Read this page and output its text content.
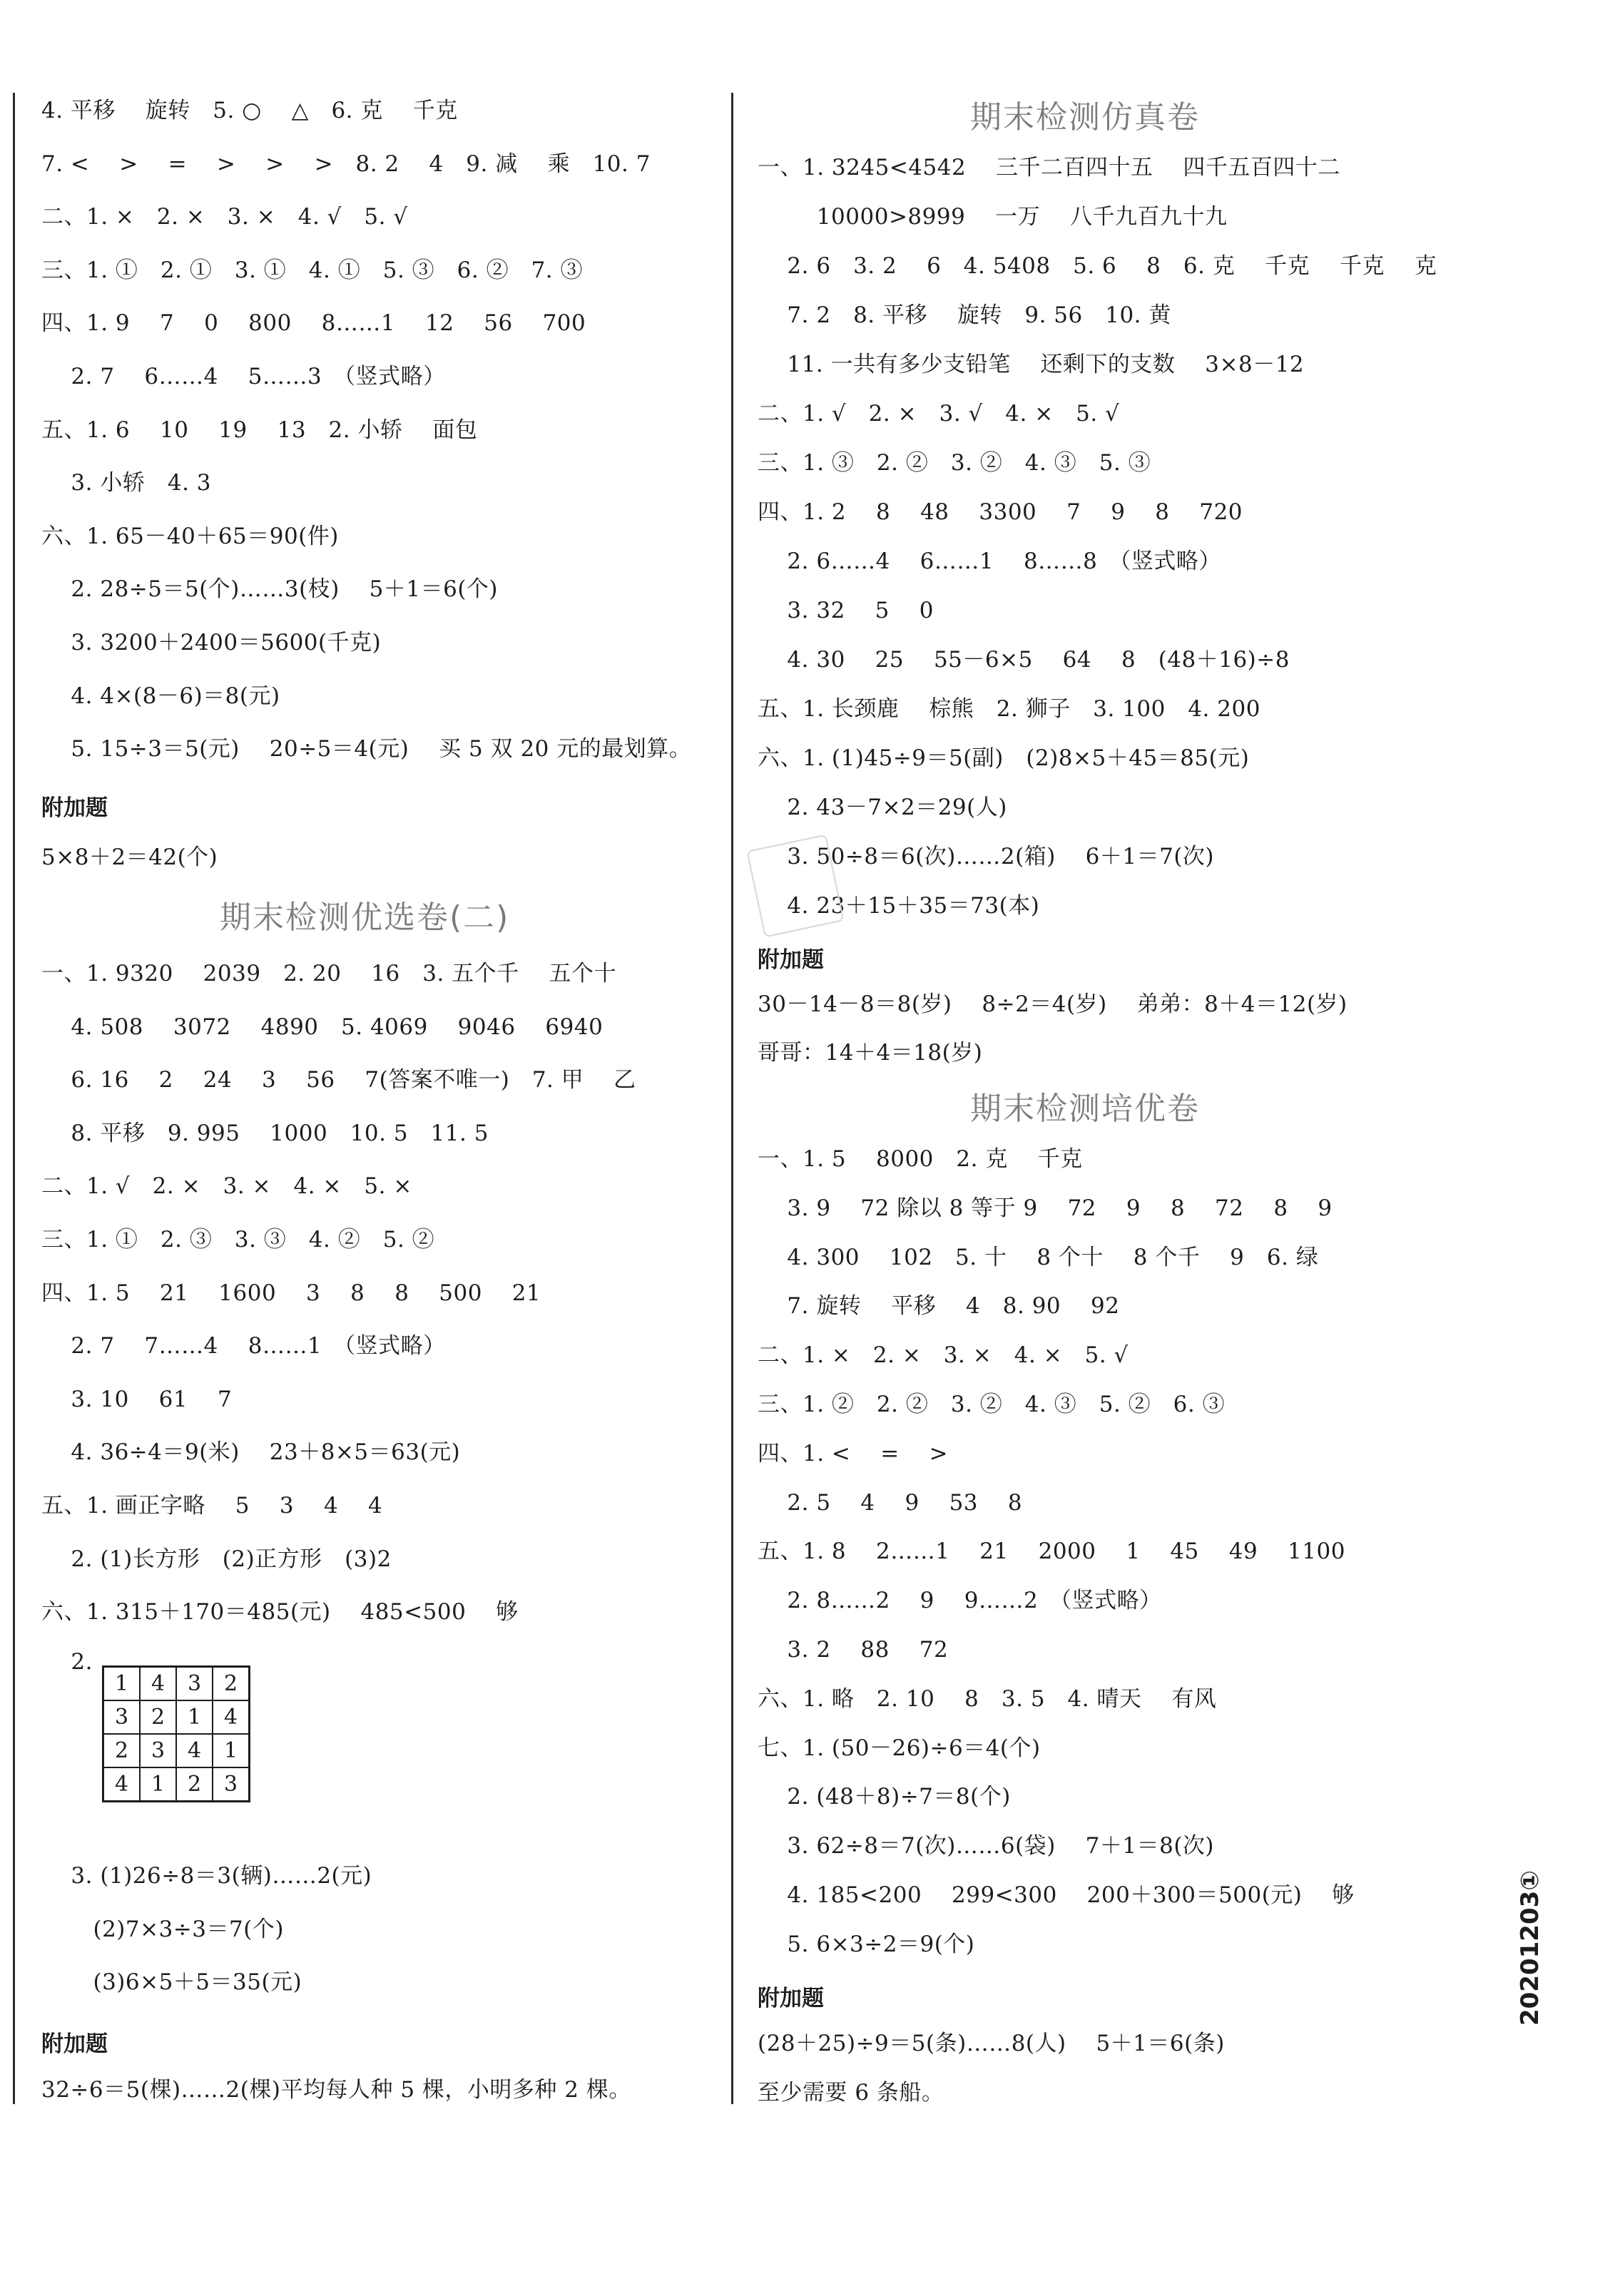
4. 平移　 旋转　5. ○　 △　6. 克　 千克
7. <　 >　 =　 >　 >　 >　8. 2　 4　9. 减　 乘　10. 7
二、1. ×　2. ×　3. ×　4. √　5. √
三、1. ①　2. ①　3. ①　4. ①　5. ③　6. ②　7. ③
四、1. 9　 7　 0　 800　 8……1　 12　 56　 700
2. 7　 6……4　 5……3　（竖式略）
五、1. 6　 10　 19　 13　2. 小轿　 面包
3. 小轿　4. 3
六、1. 65－40＋65＝90(件)
2. 28÷5＝5(个)……3(枝)　 5＋1＝6(个)
3. 3200＋2400＝5600(千克)
4. 4×(8－6)＝8(元)
5. 15÷3＝5(元)　 20÷5＝4(元)　 买 5 双 20 元的最划算。
附加题
5×8＋2＝42(个)
期末检测优选卷(二)
一、1. 9320　 2039　2. 20　 16　3. 五个千　 五个十
4. 508　 3072　 4890　5. 4069　 9046　 6940
6. 16　 2　 24　 3　 56　 7(答案不唯一)　7. 甲　 乙
8. 平移　9. 995　 1000　10. 5　11. 5
二、1. √　2. ×　3. ×　4. ×　5. ×
三、1. ①　2. ③　3. ③　4. ②　5. ②
四、1. 5　 21　 1600　 3　 8　 8　 500　 21
2. 7　 7……4　 8……1　（竖式略）
3. 10　 61　 7
4. 36÷4＝9(米)　 23＋8×5＝63(元)
五、1. 画正字略　 5　 3　 4　 4
2. (1)长方形　(2)正方形　(3)2
六、1. 315＋170＝485(元)　 485<500　 够
2.
1	4	3	2
3	2	1	4
2	3	4	1
4	1	2	3
3. (1)26÷8＝3(辆)……2(元)
(2)7×3÷3＝7(个)
(3)6×5＋5＝35(元)
附加题
32÷6＝5(棵)……2(棵)平均每人种 5 棵，小明多种 2 棵。
期末检测仿真卷
一、1. 3245<4542　 三千二百四十五　 四千五百四十二
10000>8999　 一万　 八千九百九十九
2. 6　3. 2　 6　4. 5408　5. 6　 8　6. 克　 千克　 千克　 克
7. 2　8. 平移　 旋转　9. 56　10. 黄
11. 一共有多少支铅笔　 还剩下的支数　 3×8－12
二、1. √　2. ×　3. √　4. ×　5. √
三、1. ③　2. ②　3. ②　4. ③　5. ③
四、1. 2　 8　 48　 3300　 7　 9　 8　 720
2. 6……4　 6……1　 8……8　（竖式略）
3. 32　 5　 0
4. 30　 25　 55－6×5　 64　 8　(48＋16)÷8
五、1. 长颈鹿　 棕熊　2. 狮子　3. 100　4. 200
六、1. (1)45÷9＝5(副)　(2)8×5＋45＝85(元)
2. 43－7×2＝29(人)
3. 50÷8＝6(次)……2(箱)　 6＋1＝7(次)
4. 23＋15＋35＝73(本)
附加题
30－14－8＝8(岁)　 8÷2＝4(岁)　 弟弟：8＋4＝12(岁)
哥哥：14＋4＝18(岁)
期末检测培优卷
一、1. 5　 8000　2. 克　 千克
3. 9　 72 除以 8 等于 9　 72　 9　 8　 72　 8　 9
4. 300　 102　5. 十　 8 个十　 8 个千　 9　6. 绿
7. 旋转　 平移　 4　8. 90　 92
二、1. ×　2. ×　3. ×　4. ×　5. √
三、1. ②　2. ②　3. ②　4. ③　5. ②　6. ③
四、1. <　 =　 >
2. 5　 4　 9　 53　 8
五、1. 8　 2……1　 21　 2000　 1　 45　 49　 1100
2. 8……2　 9　 9……2　（竖式略）
3. 2　 88　 72
六、1. 略　2. 10　 8　3. 5　4. 晴天　 有风
七、1. (50－26)÷6＝4(个)
2. (48＋8)÷7＝8(个)
3. 62÷8＝7(次)……6(袋)　 7＋1＝8(次)
4. 185<200　 299<300　 200＋300＝500(元)　 够
5. 6×3÷2＝9(个)
附加题
(28＋25)÷9＝5(条)……8(人)　 5＋1＝6(条)
至少需要 6 条船。
20201203①
